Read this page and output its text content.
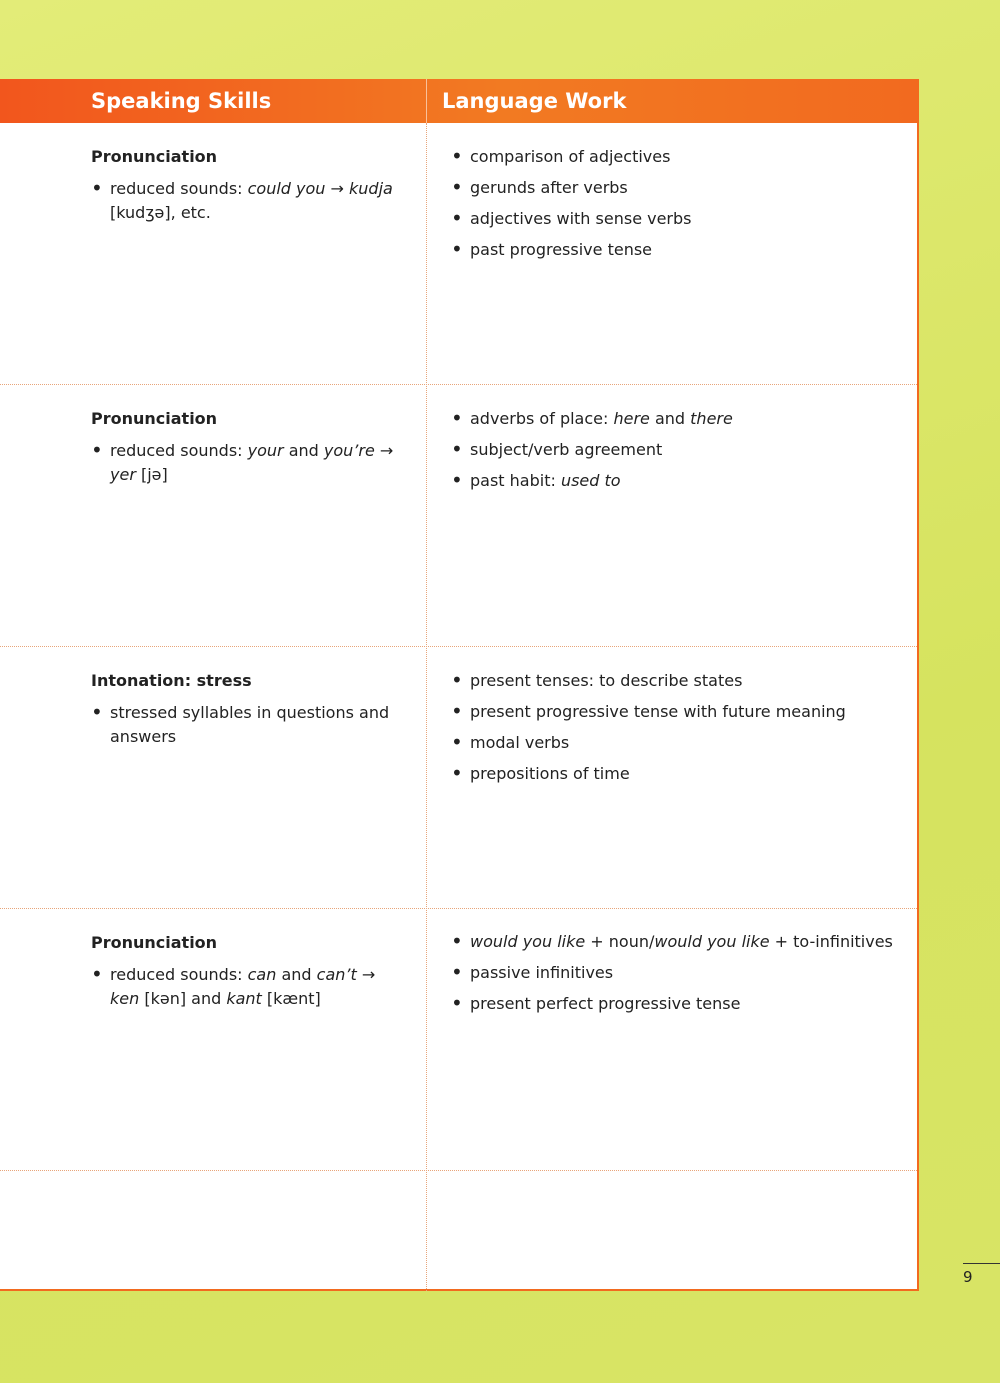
Speaking Skills	Language Work
Pronunciation
• reduced sounds: could you → kudja [kudʒə], etc.
• comparison of adjectives
• gerunds after verbs
• adjectives with sense verbs
• past progressive tense
Pronunciation
• reduced sounds: your and you’re → yer [jə]
• adverbs of place: here and there
• subject/verb agreement
• past habit: used to
Intonation: stress
• stressed syllables in questions and answers
• present tenses: to describe states
• present progressive tense with future meaning
• modal verbs
• prepositions of time
Pronunciation
• reduced sounds: can and can’t → ken [kən] and kant [kænt]
• would you like + noun/would you like + to-infinitives
• passive infinitives
• present perfect progressive tense
9
